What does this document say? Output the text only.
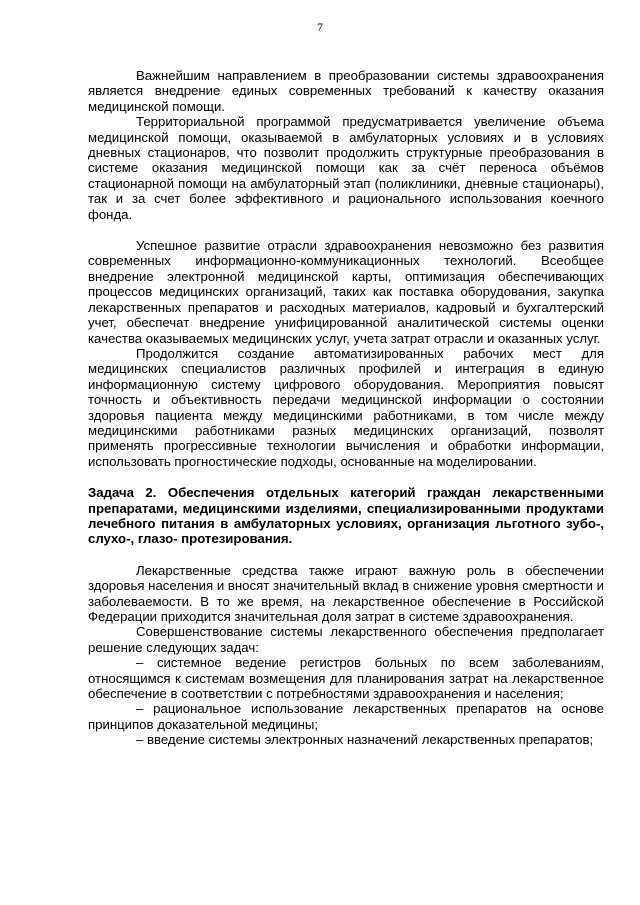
7
Важнейшим направлением в преобразовании системы здравоохранения является внедрение единых современных требований к качеству оказания медицинской помощи.
Территориальной программой предусматривается увеличение объема медицинской помощи, оказываемой в амбулаторных условиях и в условиях дневных стационаров, что позволит продолжить структурные преобразования в системе оказания медицинской помощи как за счёт переноса объёмов стационарной помощи на амбулаторный этап (поликлиники, дневные стационары), так и за счет более эффективного и рационального использования коечного фонда.
Успешное развитие отрасли здравоохранения невозможно без развития современных информационно-коммуникационных технологий. Всеобщее внедрение электронной медицинской карты, оптимизация обеспечивающих процессов медицинских организаций, таких как поставка оборудования, закупка лекарственных препаратов и расходных материалов, кадровый и бухгалтерский учет, обеспечат внедрение унифицированной аналитической системы оценки качества оказываемых медицинских услуг, учета затрат отрасли и оказанных услуг.
Продолжится создание автоматизированных рабочих мест для медицинских специалистов различных профилей и интеграция в единую информационную систему цифрового оборудования. Мероприятия повысят точность и объективность передачи медицинской информации о состоянии здоровья пациента между медицинскими работниками, в том числе между медицинскими работниками разных медицинских организаций, позволят применять прогрессивные технологии вычисления и обработки информации, использовать прогностические подходы, основанные на моделировании.
Задача 2. Обеспечения отдельных категорий граждан лекарственными препаратами, медицинскими изделиями, специализированными продуктами лечебного питания в амбулаторных условиях, организация льготного зубо-, слухо-, глазо- протезирования.
Лекарственные средства также играют важную роль в обеспечении здоровья населения и вносят значительный вклад в снижение уровня смертности и заболеваемости. В то же время, на лекарственное обеспечение в Российской Федерации приходится значительная доля затрат в системе здравоохранения.
Совершенствование системы лекарственного обеспечения предполагает решение следующих задач:
– системное ведение регистров больных по всем заболеваниям, относящимся к системам возмещения для планирования затрат на лекарственное обеспечение в соответствии с потребностями здравоохранения и населения;
– рациональное использование лекарственных препаратов на основе принципов доказательной медицины;
– введение системы электронных назначений лекарственных препаратов;
